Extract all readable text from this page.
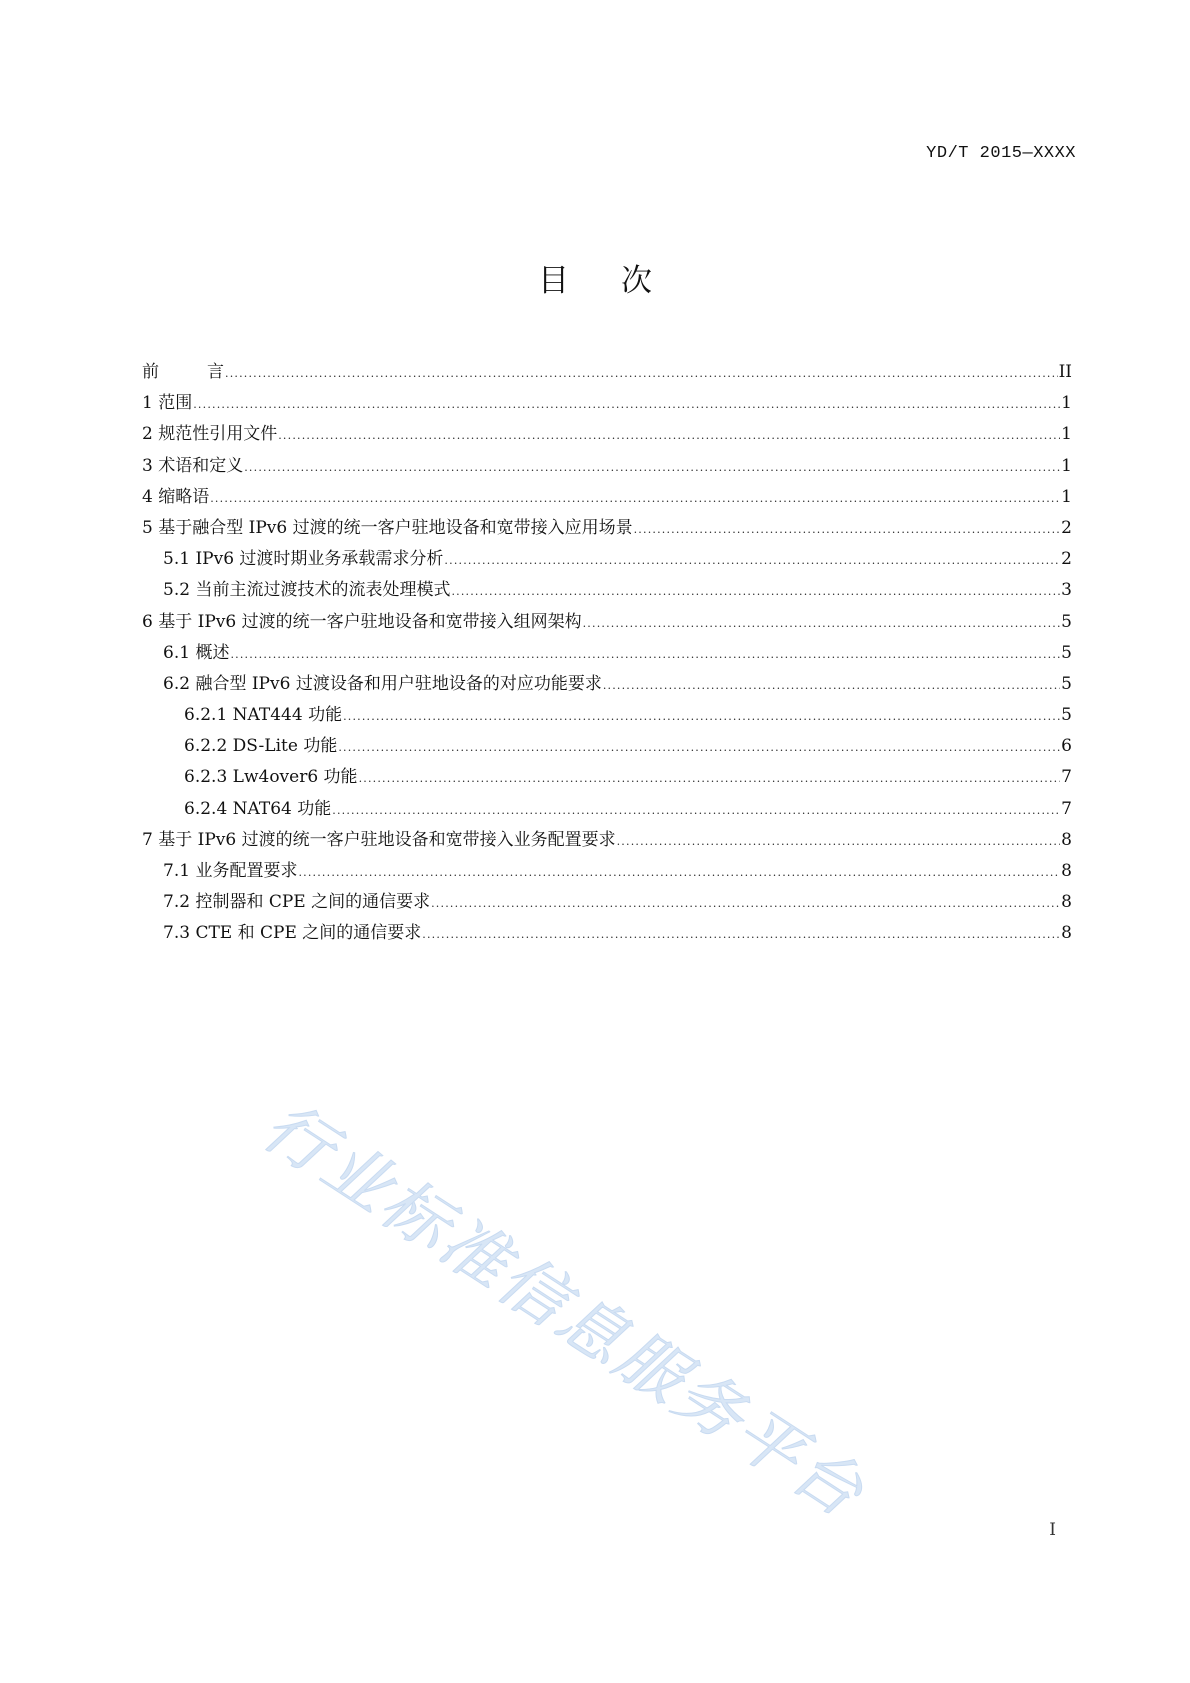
YD/T 2015—XXXX
目 次
前	言 .....	II
1 范围 .....	1
2 规范性引用文件 .....	1
3 术语和定义 .....	1
4 缩略语 .....	1
5 基于融合型 IPv6 过渡的统一客户驻地设备和宽带接入应用场景 .....	2
5.1 IPv6 过渡时期业务承载需求分析 .....	2
5.2 当前主流过渡技术的流表处理模式 .....	3
6 基于 IPv6 过渡的统一客户驻地设备和宽带接入组网架构 .....	5
6.1 概述 .....	5
6.2 融合型 IPv6 过渡设备和用户驻地设备的对应功能要求 .....	5
6.2.1 NAT444 功能 .....	5
6.2.2 DS-Lite 功能 .....	6
6.2.3 Lw4over6 功能 .....	7
6.2.4 NAT64 功能 .....	7
7 基于 IPv6 过渡的统一客户驻地设备和宽带接入业务配置要求 .....	8
7.1 业务配置要求 .....	8
7.2 控制器和 CPE 之间的通信要求 .....	8
7.3 CTE 和 CPE 之间的通信要求 .....	8
行业标准信息服务平台	I
